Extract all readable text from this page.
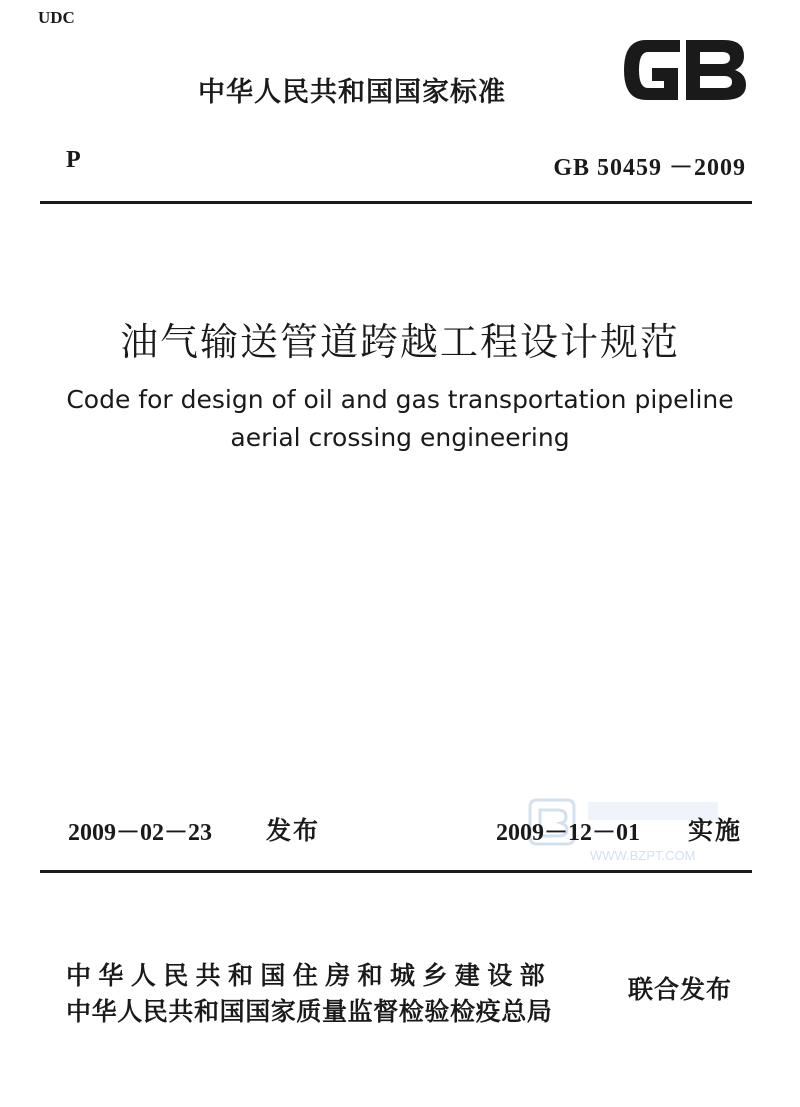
UDC
中华人民共和国国家标准
P	GB 50459 －2009
油气输送管道跨越工程设计规范
Code for design of oil and gas transportation pipeline
aerial crossing engineering
WWW.BZPT.COM
2009－02－23 发布	2009－12－01 实施
中华人民共和国住房和城乡建设部
中华人民共和国国家质量监督检验检疫总局
联合发布
